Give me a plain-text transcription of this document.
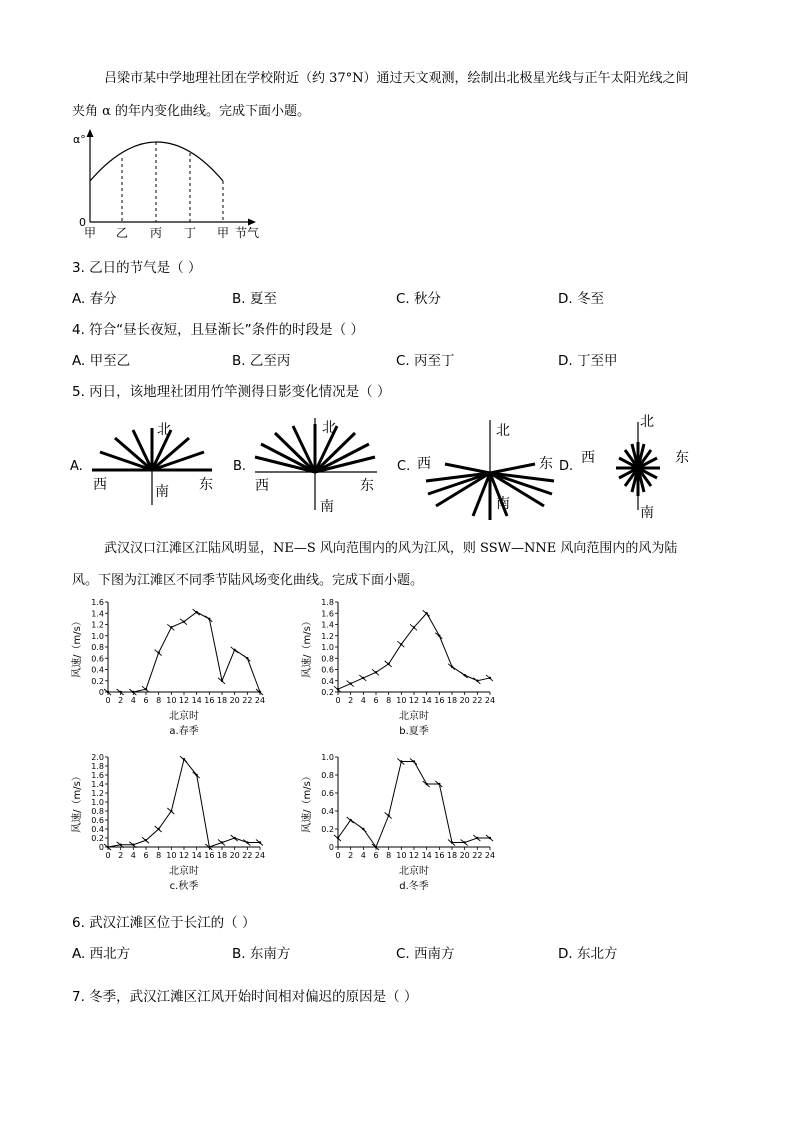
吕梁市某中学地理社团在学校附近（约 37°N）通过天文观测，绘制出北极星光线与正午太阳光线之间
夹角 α 的年内变化曲线。完成下面小题。
α°
0
甲 乙 丙 丁 甲 节气
3. 乙日的节气是（ ）
A. 春分	B. 夏至	C. 秋分	D. 冬至
4. 符合“昼长夜短，且昼渐长”条件的时段是（ ）
A. 甲至乙	B. 乙至丙	C. 丙至丁	D. 丁至甲
5. 丙日，该地理社团用竹竿测得日影变化情况是（ ）
A.
北
南
西	东
B.
北
南
西	东
C.
北
南
西	东 D.
北
南
西	东
武汉汉口江滩区江陆风明显，NE—S 风向范围内的风为江风，则 SSW—NNE 风向范围内的风为陆
风。下图为江滩区不同季节陆风场变化曲线。完成下面小题。
0
0.2
0.4
0.6
0.8
1.0
1.2
1.4
1.6
0 2 4 6 8 10 12 14 16 18 20 22 24
风速/（m/s）
北京时
a.春季
0.2
0.4
0.6
0.8
1.0
1.2
1.4
1.6
1.8
0 2 4 6 8 10 12 14 16 18 20 22 24
风速/（m/s）
北京时
b.夏季
0
0.2
0.4
0.6
0.8
1.0
1.2
1.4
1.6
1.8
2.0
0 2 4 6 8 10 12 14 16 18 20 22 24
风速/（m/s）
北京时
c.秋季
0
0.2
0.4
0.6
0.8
1.0
0 2 4 6 8 10 12 14 16 18 20 22 24
风速/（m/s）
北京时
d.冬季
6. 武汉江滩区位于长江的（ ）
A. 西北方	B. 东南方	C. 西南方	D. 东北方
7. 冬季，武汉江滩区江风开始时间相对偏迟的原因是（ ）
